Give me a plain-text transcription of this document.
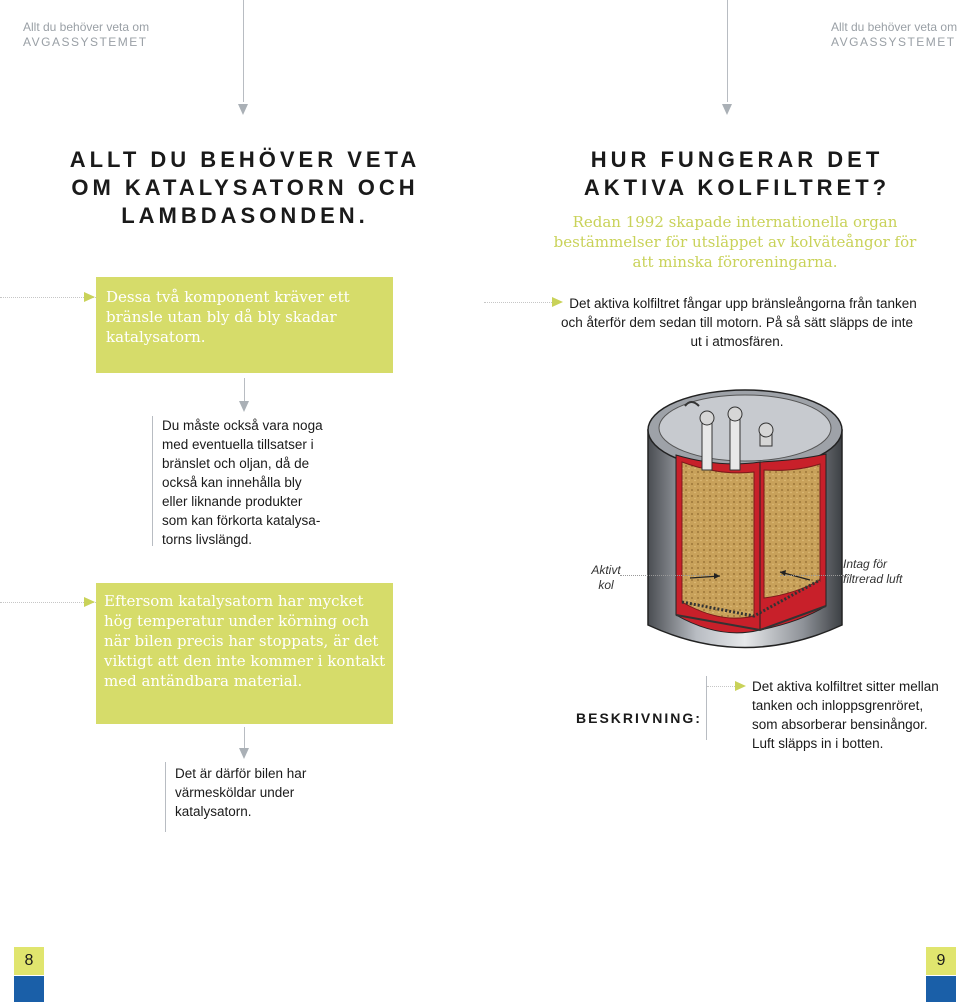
Allt du behöver veta om
AVGASSYSTEMET
Allt du behöver veta om
AVGASSYSTEMET
ALLT DU BEHÖVER VETA
OM KATALYSATORN OCH
LAMBDASONDEN.

Dessa två komponent kräver ett bränsle utan bly då bly skadar katalysatorn.

Du måste också vara noga
med eventuella tillsatser i
bränslet och oljan, då de
också kan innehålla bly
eller liknande produkter
som kan förkorta katalysa-
torns livslängd.

Eftersom katalysatorn har mycket hög temperatur under körning och när bilen precis har stoppats, är det viktigt att den inte kommer i kontakt med antändbara material.

Det är därför bilen har
värmesköldar under
katalysatorn.
HUR FUNGERAR DET
AKTIVA KOLFILTRET?
Redan 1992 skapade internationella organ
bestämmelser för utsläppet av kolväteångor för
att minska föroreningarna.
Det aktiva kolfiltret fångar upp bränsleångorna från tanken
och återför dem sedan till motorn. På så sätt släpps de inte
ut i atmosfären.
Aktivt
kol
Intag för
filtrerad luft
BESKRIVNING:
Det aktiva kolfiltret sitter mellan
tanken och inloppsgrenröret,
som absorberar bensinångor.
Luft släpps in i botten.
8	9
